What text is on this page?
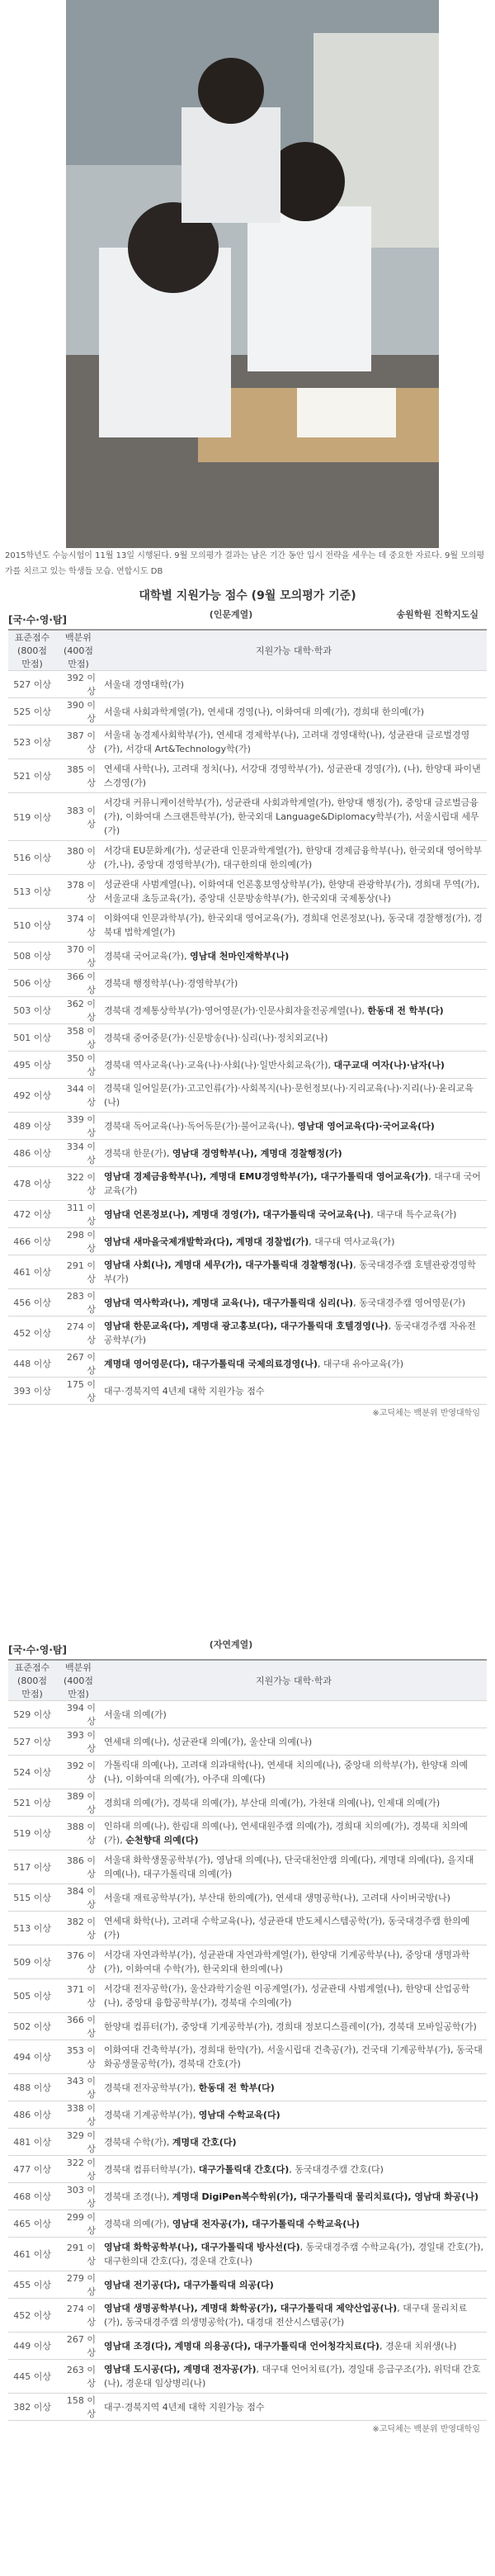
2015학년도 수능시험이 11월 13일 시행된다. 9월 모의평가 결과는 남은 기간 동안 입시 전략을 세우는 데 중요한 자료다. 9월 모의평가를 치르고 있는 학생들 모습. 연합시도 DB
대학별 지원가능 점수 (9월 모의평가 기준)
[국·수·영·탐]	(인문계열)	송원학원 진학지도실
표준점수 (800점 만점)	백분위 (400점 만점)	지원가능 대학·학과
527 이상	392 이상	서울대 경영대학(가)
525 이상	390 이상	서울대 사회과학계열(가), 연세대 경영(나), 이화여대 의예(가), 경희대 한의예(가)
523 이상	387 이상	서울대 농경제사회학부(가), 연세대 경제학부(나), 고려대 경영대학(나), 성균관대 글로벌경영(가), 서강대 Art&Technology학(가)
521 이상	385 이상	연세대 사학(나), 고려대 정치(나), 서강대 경영학부(가), 성균관대 경영(가), (나), 한양대 파이낸스경영(가)
519 이상	383 이상	서강대 커뮤니케이션학부(가), 성균관대 사회과학계열(가), 한양대 행정(가), 중앙대 글로벌금융(가), 이화여대 스크랜튼학부(가), 한국외대 Language&Diplomacy학부(가), 서울시립대 세무(가)
516 이상	380 이상	서강대 EU문화계(가), 성균관대 인문과학계열(가), 한양대 경제금융학부(나), 한국외대 영어학부(가,나), 중앙대 경영학부(가), 대구한의대 한의예(가)
513 이상	378 이상	성균관대 사범계열(나), 이화여대 언론홍보영상학부(가), 한양대 관광학부(가), 경희대 무역(가), 서울교대 초등교육(가), 중앙대 신문방송학부(가), 한국외대 국제통상(나)
510 이상	374 이상	이화여대 인문과학부(가), 한국외대 영어교육(가), 경희대 언론정보(나), 동국대 경찰행정(가), 경북대 법학계열(가)
508 이상	370 이상	경북대 국어교육(가), 영남대 천마인재학부(나)
506 이상	366 이상	경북대 행정학부(나)·경영학부(가)
503 이상	362 이상	경북대 경제통상학부(가)·영어영문(가)·인문사회자율전공계열(나), 한동대 전 학부(다)
501 이상	358 이상	경북대 중어중문(가)·신문방송(나)·심리(나)·정치외교(나)
495 이상	350 이상	경북대 역사교육(나)·교육(나)·사회(나)·일반사회교육(가), 대구교대 여자(나)·남자(나)
492 이상	344 이상	경북대 일어일문(가)·고고인류(가)·사회복지(나)·문헌정보(나)·지리교육(나)·지리(나)·윤리교육(나)
489 이상	339 이상	경북대 독어교육(나)·독어독문(가)·불어교육(나), 영남대 영어교육(다)·국어교육(다)
486 이상	334 이상	경북대 한문(가), 영남대 경영학부(나), 계명대 경찰행정(가)
478 이상	322 이상	영남대 경제금융학부(나), 계명대 EMU경영학부(가), 대구가톨릭대 영어교육(가), 대구대 국어교육(가)
472 이상	311 이상	영남대 언론정보(나), 계명대 경영(가), 대구가톨릭대 국어교육(나), 대구대 특수교육(가)
466 이상	298 이상	영남대 새마을국제개발학과(다), 계명대 경찰법(가), 대구대 역사교육(가)
461 이상	291 이상	영남대 사회(나), 계명대 세무(가), 대구가톨릭대 경찰행정(나), 동국대경주캠 호텔관광경영학부(가)
456 이상	283 이상	영남대 역사학과(나), 계명대 교육(나), 대구가톨릭대 심리(나), 동국대경주캠 영어영문(가)
452 이상	274 이상	영남대 한문교육(다), 계명대 광고홍보(다), 대구가톨릭대 호텔경영(나), 동국대경주캠 자유전공학부(가)
448 이상	267 이상	계명대 영어영문(다), 대구가톨릭대 국제의료경영(나), 대구대 유아교육(가)
393 이상	175 이상	대구·경북지역 4년제 대학 지원가능 점수
※고딕체는 백분위 반영대학임
[국·수·영·탐]	(자연계열)
표준점수 (800점 만점)	백분위 (400점 만점)	지원가능 대학·학과
529 이상	394 이상	서울대 의예(가)
527 이상	393 이상	연세대 의예(나), 성균관대 의예(가), 울산대 의예(나)
524 이상	392 이상	가톨릭대 의예(나), 고려대 의과대학(나), 연세대 치의예(나), 중앙대 의학부(가), 한양대 의예(나), 이화여대 의예(가), 아주대 의예(다)
521 이상	389 이상	경희대 의예(가), 경북대 의예(가), 부산대 의예(가), 가천대 의예(나), 인제대 의예(가)
519 이상	388 이상	인하대 의예(나), 한림대 의예(나), 연세대원주캠 의예(가), 경희대 치의예(가), 경북대 치의예(가), 순천향대 의예(다)
517 이상	386 이상	서울대 화학생물공학부(가), 영남대 의예(나), 단국대천안캠 의예(다), 계명대 의예(다), 을지대 의예(나), 대구가톨릭대 의예(가)
515 이상	384 이상	서울대 재료공학부(가), 부산대 한의예(가), 연세대 생명공학(나), 고려대 사이버국방(나)
513 이상	382 이상	연세대 화학(나), 고려대 수학교육(나), 성균관대 반도체시스템공학(가), 동국대경주캠 한의예(가)
509 이상	376 이상	서강대 자연과학부(가), 성균관대 자연과학계열(가), 한양대 기계공학부(나), 중앙대 생명과학(가), 이화여대 수학(가), 한국외대 한의예(나)
505 이상	371 이상	서강대 전자공학(가), 울산과학기술원 이공계열(가), 성균관대 사범계열(나), 한양대 산업공학(나), 중앙대 융합공학부(가), 경북대 수의예(가)
502 이상	366 이상	한양대 컴퓨터(가), 중앙대 기계공학부(가), 경희대 정보디스플레이(가), 경북대 모바일공학(가)
494 이상	353 이상	이화여대 건축학부(가), 경희대 한약(가), 서울시립대 건축공(가), 건국대 기계공학부(가), 동국대 화공생물공학(가), 경북대 간호(가)
488 이상	343 이상	경북대 전자공학부(가), 한동대 전 학부(다)
486 이상	338 이상	경북대 기계공학부(가), 영남대 수학교육(다)
481 이상	329 이상	경북대 수학(가), 계명대 간호(다)
477 이상	322 이상	경북대 컴퓨터학부(가), 대구가톨릭대 간호(다), 동국대경주캠 간호(다)
468 이상	303 이상	경북대 조경(나), 계명대 DigiPen복수학위(가), 대구가톨릭대 물리치료(다), 영남대 화공(나)
465 이상	299 이상	경북대 의예(가), 영남대 전자공(가), 대구가톨릭대 수학교육(나)
461 이상	291 이상	영남대 화학공학부(나), 대구가톨릭대 방사선(다), 동국대경주캠 수학교육(가), 경일대 간호(가), 대구한의대 간호(다), 경운대 간호(나)
455 이상	279 이상	영남대 전기공(다), 대구가톨릭대 의공(다)
452 이상	274 이상	영남대 생명공학부(나), 계명대 화학공(가), 대구가톨릭대 제약산업공(나), 대구대 물리치료(가), 동국대경주캠 의생명공학(가), 대경대 전산시스템공(가)
449 이상	267 이상	영남대 조경(다), 계명대 의용공(다), 대구가톨릭대 언어청각치료(다), 경운대 치위생(나)
445 이상	263 이상	영남대 도시공(다), 계명대 전자공(가), 대구대 언어치료(가), 경일대 응급구조(가), 위덕대 간호(나), 경운대 임상병리(나)
382 이상	158 이상	대구·경북지역 4년제 대학 지원가능 점수
※고딕체는 백분위 반영대학임
